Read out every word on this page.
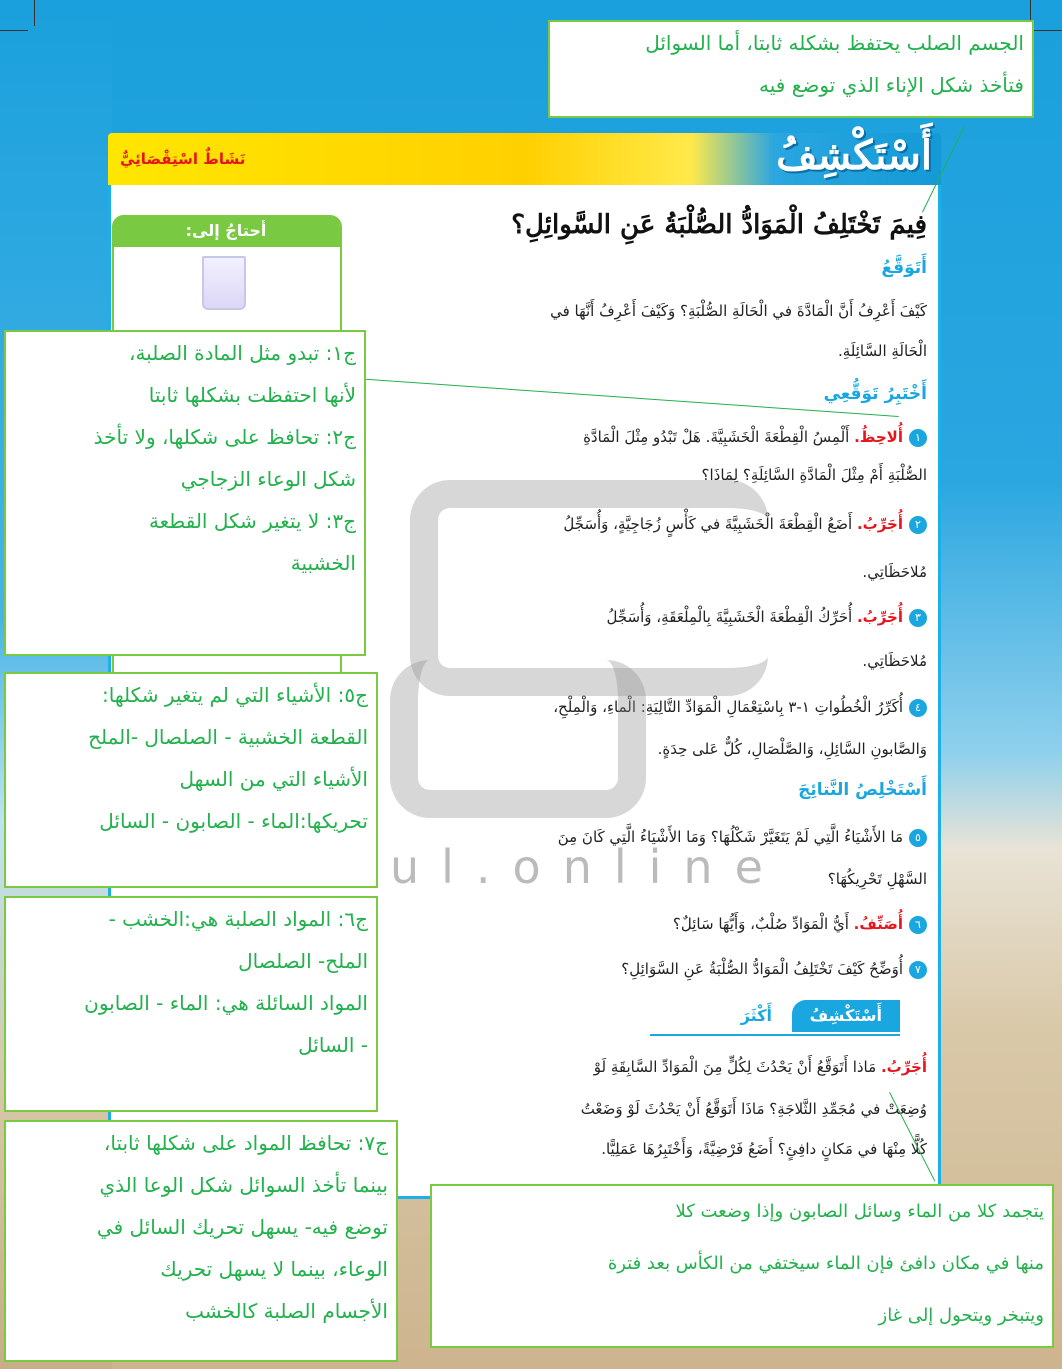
أَسْتَكْشِفُ
نَشَاطٌ اسْتِقْصَائِيٌّ
أحتاجُ إلى:	فِيمَ تَخْتَلِفُ الْمَوَادُّ الصُّلْبَةُ عَنِ السَّوائِلِ؟
أَتَوَقَّعُ
كَيْفَ أَعْرِفُ أَنَّ الْمَادَّةَ في الْحَالَةِ الصُّلْبَةِ؟ وَكَيْفَ أَعْرِفُ أَنَّهَا في
الْحَالَةِ السَّائِلَةِ.
أَخْتَبِرُ تَوَقُّعِي
١أُلاحِظُ. أَلْمِسُ الْقِطْعَةَ الْخَشَبِيَّةَ. هَلْ تَبْدُو مِثْلَ الْمَادَّةِ
الصُّلْبَةِ أَمْ مِثْلَ الْمَادَّةِ السَّائِلَةِ؟ لِمَاذَا؟
٢أُجَرِّبُ. أَضَعُ الْقِطْعَةَ الْخَشَبِيَّةَ في كَأْسٍ زُجَاجِيَّةٍ، وَأُسَجِّلُ
مُلاحَظَاتِي.
٣أُجَرِّبُ. أُحَرِّكُ الْقِطْعَةَ الْخَشَبِيَّةَ بِالْمِلْعَقَةِ، وَأُسَجِّلُ
مُلاحَظَاتِي.
٤أُكَرِّرُ الْخُطُواتِ ١-٣ بِاسْتِعْمَالِ الْمَوَادِّ التَّالِيَةِ: الْماءِ، وَالْمِلْحِ،
وَالصَّابونِ السَّائِلِ، وَالصَّلْصَالِ، كُلٌّ عَلى حِدَةٍ.
أَسْتَخْلِصُ النَّتائِجَ
٥مَا الأَشْيَاءُ الَّتِي لَمْ يَتَغَيَّرْ شَكْلُهَا؟ وَمَا الأَشْيَاءُ الَّتِي كَانَ مِنَ
السَّهْلِ تَحْرِيكُهَا؟
٦أُصَنِّفُ. أَيُّ الْمَوَادِّ صُلْبٌ، وَأَيُّهَا سَائِلٌ؟
٧أُوَضِّحُ كَيْفَ تَخْتَلِفُ الْمَوَادُّ الصُّلْبَةُ عَنِ السَّوَائِلِ؟
أَسْتَكْشِفُ
أَكْثَرَ
أُجَرِّبُ. مَاذا أَتَوَقَّعُ أَنْ يَحْدُثَ لِكُلٍّ مِنَ الْمَوَادِّ السَّابِقَةِ لَوْ
وُضِعَتْ في مُجَمِّدِ الثَّلاجَةِ؟ مَاذَا أَتَوَقَّعُ أَنْ يَحْدُثَ لَوْ وَضَعْتُ
كُلًّا مِنْهَا في مَكانٍ دافِئٍ؟ أَضَعُ فَرْضِيَّةً، وَأَخْتَبِرُهَا عَمَلِيًّا.
ul.online
الجسم الصلب يحتفظ بشكله ثابتا، أما السوائل
فتأخذ شكل الإناء الذي توضع فيه
ج١: تبدو مثل المادة الصلبة،
لأنها احتفظت بشكلها ثابتا
ج٢: تحافظ على شكلها، ولا تأخذ
شكل الوعاء الزجاجي
ج٣: لا يتغير شكل القطعة
الخشبية
ج٥: الأشياء التي لم يتغير شكلها:
القطعة الخشبية - الصلصال -الملح
الأشياء التي من السهل
تحريكها:الماء - الصابون - السائل
ج٦: المواد الصلبة هي:الخشب -
الملح- الصلصال
المواد السائلة هي: الماء - الصابون
- السائل
ج٧: تحافظ المواد على شكلها ثابتا،
بينما تأخذ السوائل شكل الوعا الذي
توضع فيه- يسهل تحريك السائل في
الوعاء، بينما لا يسهل تحريك
الأجسام الصلبة كالخشب
يتجمد كلا من الماء وسائل الصابون وإذا وضعت كلا
منها في مكان دافئ فإن الماء سيختفي من الكأس بعد فترة
ويتبخر ويتحول إلى غاز
